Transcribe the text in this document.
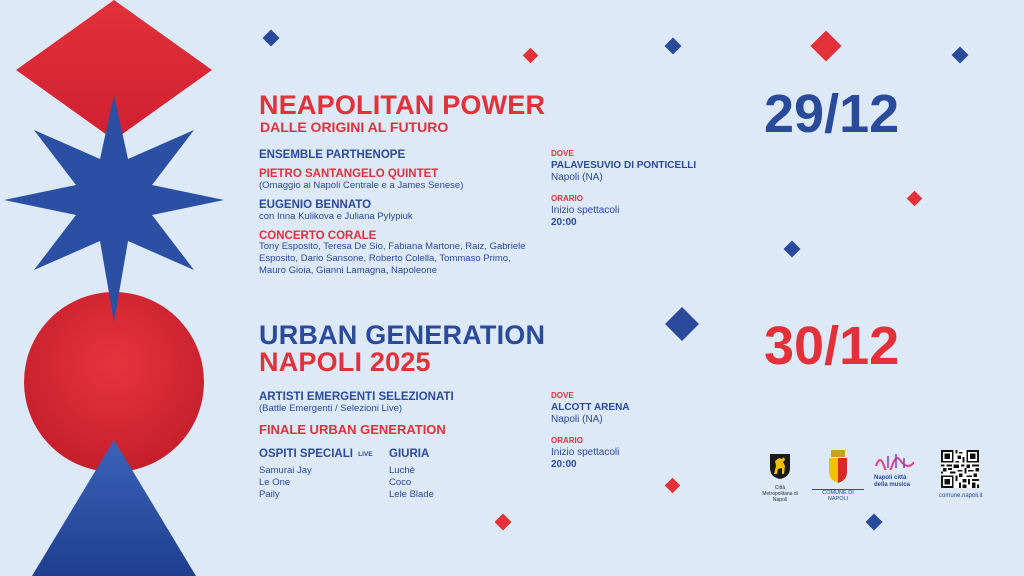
NEAPOLITAN POWER
DALLE ORIGINI AL FUTURO
ENSEMBLE PARTHENOPE
PIETRO SANTANGELO QUINTET
(Omaggio ai Napoli Centrale e a James Senese)
EUGENIO BENNATO
con Inna Kulikova e Juliana Pylypiuk
CONCERTO CORALE
Tony Esposito, Teresa De Sio, Fabiana Martone, Raiz, Gabriele
Esposito, Dario Sansone, Roberto Colella, Tommaso Primo,
Mauro Gioia, Gianni Lamagna, Napoleone
DOVE
PALAVESUVIO DI PONTICELLI
Napoli (NA)
ORARIO
Inizio spettacoli
20:00
29/12
URBAN GENERATION
NAPOLI 2025
ARTISTI EMERGENTI SELEZIONATI
(Battle Emergenti / Selezioni Live)
FINALE URBAN GENERATION
OSPITI SPECIALI LIVE
Samurai Jay
Le One
Paily
GIURIA
Luchè
Coco
Lele Blade
DOVE
ALCOTT ARENA
Napoli (NA)
ORARIO
Inizio spettacoli
20:00
30/12
Città Metropolitana di Napoli
COMUNE DI NAPOLI
Napoli città della musica
comune.napoli.it
